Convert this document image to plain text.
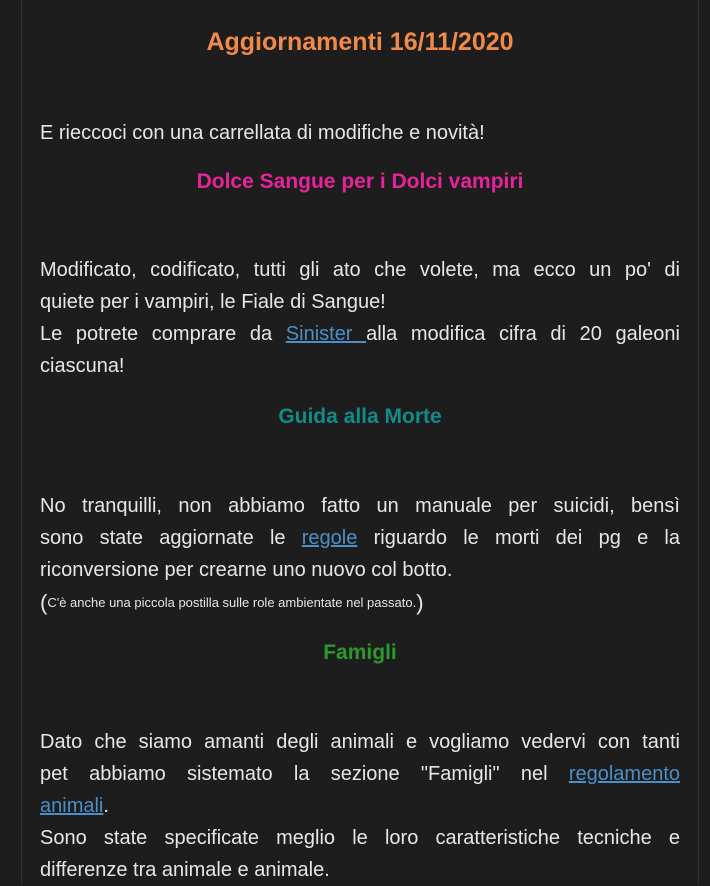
Aggiornamenti 16/11/2020

E rieccoci con una carrellata di modifiche e novità!

Dolce Sangue per i Dolci vampiri

Modificato, codificato, tutti gli ato che volete, ma ecco un po' di
quiete per i vampiri, le Fiale di Sangue!
Le potrete comprare da Sinister alla modifica cifra di 20 galeoni
ciascuna!

Guida alla Morte

No tranquilli, non abbiamo fatto un manuale per suicidi, bensì
sono state aggiornate le regole riguardo le morti dei pg e la
riconversione per crearne uno nuovo col botto.

(C'è anche una piccola postilla sulle role ambientate nel passato.)

Famigli

Dato che siamo amanti degli animali e vogliamo vedervi con tanti
pet abbiamo sistemato la sezione "Famigli" nel regolamento
animali.
Sono state specificate meglio le loro caratteristiche tecniche e
differenze tra animale e animale.
